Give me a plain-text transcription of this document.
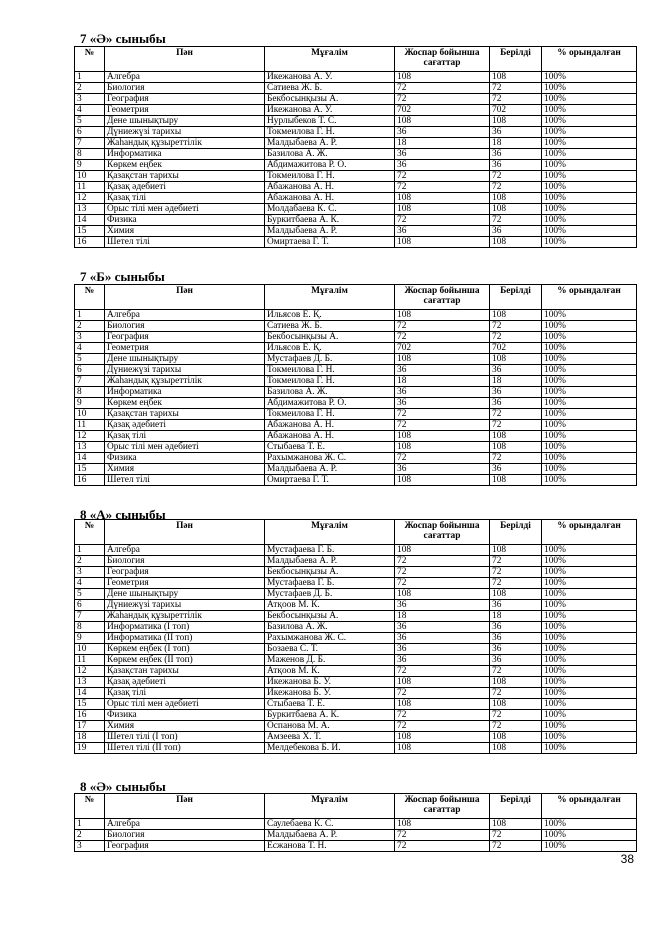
7 «Ә» сыныбы
№	Пән	Мұғалім	Жоспар бойынша сағаттар	Берілді	% орындалған
1	Алгебра	Икежанова А. У.	108	108	100%
2	Биология	Сатиева Ж. Б.	72	72	100%
3	География	Бекбосынқызы А.	72	72	100%
4	Геометрия	Икежанова А. У.	702	702	100%
5	Дене шынықтыру	Нурлыбеков Т. С.	108	108	100%
6	Дүниежүзі тарихы	Токмеилова Г. Н.	36	36	100%
7	Жаһандық құзыреттілік	Малдыбаева А. Р.	18	18	100%
8	Информатика	Базилова А. Ж.	36	36	100%
9	Көркем еңбек	Абдимажитова Р. О.	36	36	100%
10	Қазақстан тарихы	Токмеилова Г. Н.	72	72	100%
11	Қазақ әдебиеті	Абажанова А. Н.	72	72	100%
12	Қазақ тілі	Абажанова А. Н.	108	108	100%
13	Орыс тілі мен әдебиеті	Молдабаева К. С.	108	108	100%
14	Физика	Буркитбаева А. К.	72	72	100%
15	Химия	Малдыбаева А. Р.	36	36	100%
16	Шетел тілі	Омиртаева Г. Т.	108	108	100%
7 «Б» сыныбы
№	Пән	Мұғалім	Жоспар бойынша сағаттар	Берілді	% орындалған
1	Алгебра	Ильясов Е. Қ.	108	108	100%
2	Биология	Сатиева Ж. Б.	72	72	100%
3	География	Бекбосынқызы А.	72	72	100%
4	Геометрия	Ильясов Е. Қ.	702	702	100%
5	Дене шынықтыру	Мустафаев Д. Б.	108	108	100%
6	Дүниежүзі тарихы	Токмеилова Г. Н.	36	36	100%
7	Жаһандық құзыреттілік	Токмеилова Г. Н.	18	18	100%
8	Информатика	Базилова А. Ж.	36	36	100%
9	Көркем еңбек	Абдимажитова Р. О.	36	36	100%
10	Қазақстан тарихы	Токмеилова Г. Н.	72	72	100%
11	Қазақ әдебиеті	Абажанова А. Н.	72	72	100%
12	Қазақ тілі	Абажанова А. Н.	108	108	100%
13	Орыс тілі мен әдебиеті	Стыбаева Т. Е.	108	108	100%
14	Физика	Рахымжанова Ж. С.	72	72	100%
15	Химия	Малдыбаева А. Р.	36	36	100%
16	Шетел тілі	Омиртаева Г. Т.	108	108	100%
8 «А» сыныбы
№	Пән	Мұғалім	Жоспар бойынша сағаттар	Берілді	% орындалған
1	Алгебра	Мустафаева Г. Б.	108	108	100%
2	Биология	Малдыбаева А. Р.	72	72	100%
3	География	Бекбосынқызы А.	72	72	100%
4	Геометрия	Мустафаева Г. Б.	72	72	100%
5	Дене шынықтыру	Мустафаев Д. Б.	108	108	100%
6	Дүниежүзі тарихы	Атқоов М. К.	36	36	100%
7	Жаһандық құзыреттілік	Бекбосынқызы А.	18	18	100%
8	Информатика (I топ)	Базилова А. Ж.	36	36	100%
9	Информатика (II топ)	Рахымжанова Ж. С.	36	36	100%
10	Көркем еңбек (I топ)	Бозаева С. Т.	36	36	100%
11	Көркем еңбек (II топ)	Маженов Д. Б.	36	36	100%
12	Қазақстан тарихы	Атқоов М. К.	72	72	100%
13	Қазақ әдебиеті	Икежанова Б. У.	108	108	100%
14	Қазақ тілі	Икежанова Б. У.	72	72	100%
15	Орыс тілі мен әдебиеті	Стыбаева Т. Е.	108	108	100%
16	Физика	Буркитбаева А. К.	72	72	100%
17	Химия	Оспанова М. А.	72	72	100%
18	Шетел тілі (I топ)	Амзеева Х. Т.	108	108	100%
19	Шетел тілі (II топ)	Мелдебекова Б. И.	108	108	100%
8 «Ә» сыныбы
№	Пән	Мұғалім	Жоспар бойынша сағаттар	Берілді	% орындалған
1	Алгебра	Саулебаева К. С.	108	108	100%
2	Биология	Малдыбаева А. Р.	72	72	100%
3	География	Есжанова Т. Н.	72	72	100%
38
